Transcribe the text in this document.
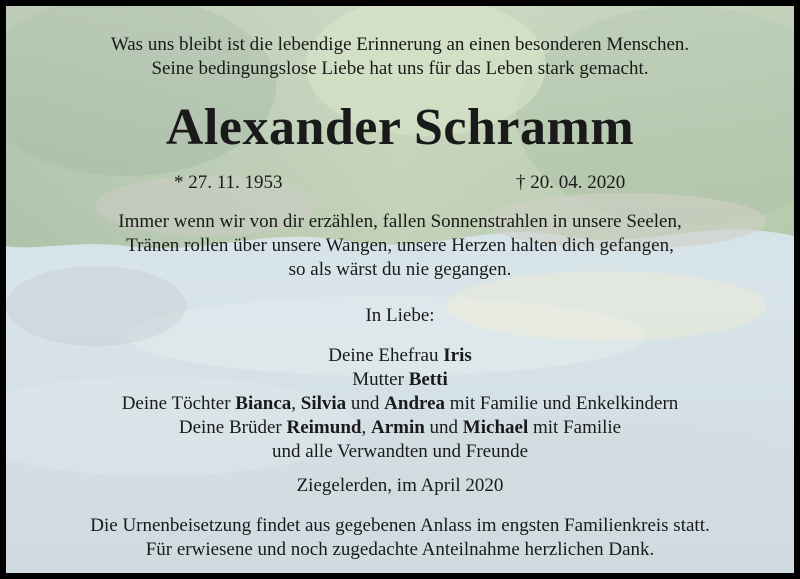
Was uns bleibt ist die lebendige Erinnerung an einen besonderen Menschen.
Seine bedingungslose Liebe hat uns für das Leben stark gemacht.
Alexander Schramm
* 27. 11. 1953	† 20. 04. 2020
Immer wenn wir von dir erzählen, fallen Sonnenstrahlen in unsere Seelen,
Tränen rollen über unsere Wangen, unsere Herzen halten dich gefangen,
so als wärst du nie gegangen.
In Liebe:
Deine Ehefrau Iris
Mutter Betti
Deine Töchter Bianca, Silvia und Andrea mit Familie und Enkelkindern
Deine Brüder Reimund, Armin und Michael mit Familie
und alle Verwandten und Freunde
Ziegelerden, im April 2020
Die Urnenbeisetzung findet aus gegebenen Anlass im engsten Familienkreis statt.
Für erwiesene und noch zugedachte Anteilnahme herzlichen Dank.
